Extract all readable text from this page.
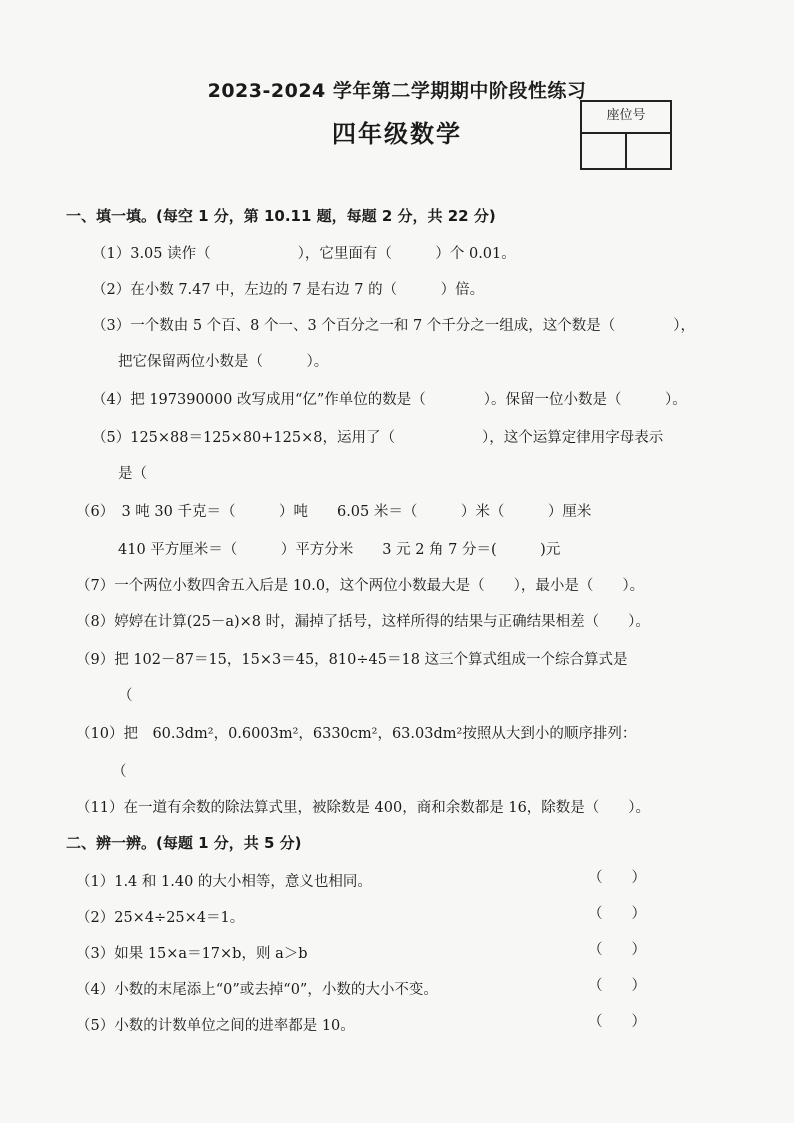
2023-2024 学年第二学期期中阶段性练习
四年级数学
座位号
一、填一填。(每空 1 分，第 10.11 题，每题 2 分，共 22 分)
（1）3.05 读作（　　　　　　），它里面有（　　　）个 0.01。
（2）在小数 7.47 中，左边的 7 是右边 7 的（　　　）倍。
（3）一个数由 5 个百、8 个一、3 个百分之一和 7 个千分之一组成，这个数是（　　　　），
把它保留两位小数是（　　　）。
（4）把 197390000 改写成用“亿”作单位的数是（　　　　）。保留一位小数是（　　　）。
（5）125×88＝125×80+125×8，运用了（　　　　　　），这个运算定律用字母表示
是（
（6）　3 吨 30 千克＝（　　　）吨　　6.05 米＝（　　　）米（　　　）厘米
410 平方厘米＝（　　　）平方分米　　3 元 2 角 7 分＝(　　　)元
（7）一个两位小数四舍五入后是 10.0，这个两位小数最大是（　　），最小是（　　）。
（8）婷婷在计算(25－a)×8 时，漏掉了括号，这样所得的结果与正确结果相差（　　）。
（9）把 102－87＝15，15×3＝45，810÷45＝18 这三个算式组成一个综合算式是
（
（10）把　60.3dm²，0.6003m²，6330cm²，63.03dm²按照从大到小的顺序排列：
（
（11）在一道有余数的除法算式里，被除数是 400，商和余数都是 16，除数是（　　）。
二、辨一辨。(每题 1 分，共 5 分)
（1）1.4 和 1.40 的大小相等，意义也相同。	（　　）
（2）25×4÷25×4＝1。	（　　）
（3）如果 15×a＝17×b，则 a＞b	（　　）
（4）小数的末尾添上“0”或去掉“0”，小数的大小不变。	（　　）
（5）小数的计数单位之间的进率都是 10。	（　　）
